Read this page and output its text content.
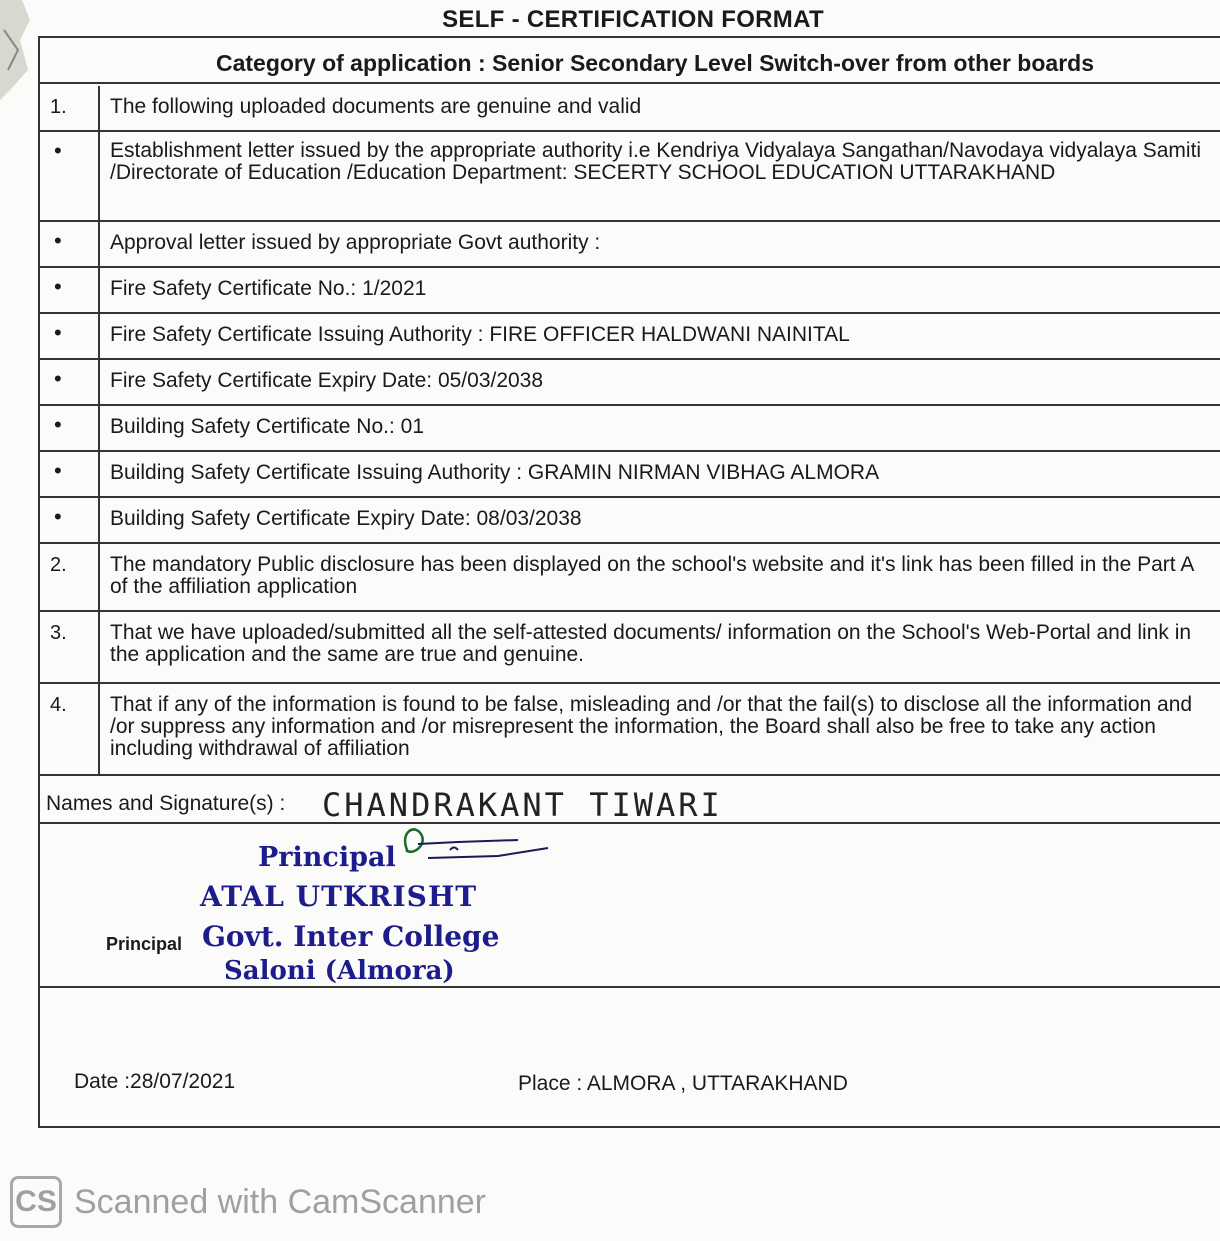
SELF - CERTIFICATION FORMAT
Category of application : Senior Secondary Level Switch-over from other boards
1.	The following uploaded documents are genuine and valid
•	Establishment letter issued by the appropriate authority i.e Kendriya Vidyalaya Sangathan/Navodaya vidyalaya Samiti /Directorate of Education /Education Department: SECERTY SCHOOL EDUCATION UTTARAKHAND
•	Approval letter issued by appropriate Govt authority :
•	Fire Safety Certificate No.: 1/2021
•	Fire Safety Certificate Issuing Authority : FIRE OFFICER HALDWANI NAINITAL
•	Fire Safety Certificate Expiry Date: 05/03/2038
•	Building Safety Certificate No.: 01
•	Building Safety Certificate Issuing Authority : GRAMIN NIRMAN VIBHAG ALMORA
•	Building Safety Certificate Expiry Date: 08/03/2038
2.	The mandatory Public disclosure has been displayed on the school's website and it's link has been filled in the Part A of the affiliation application
3.	That we have uploaded/submitted all the self-attested documents/ information on the School's Web-Portal and link in the application and the same are true and genuine.
4.	That if any of the information is found to be false, misleading and /or that the fail(s) to disclose all the information and /or suppress any information and /or misrepresent the information, the Board shall also be free to take any action including withdrawal of affiliation
Names and Signature(s) : CHANDRAKANT TIWARI
Principal
Principal
ATAL UTKRISHT
Govt. Inter College
Saloni (Almora)
Date :28/07/2021	Place : ALMORA , UTTARAKHAND
CS Scanned with CamScanner
